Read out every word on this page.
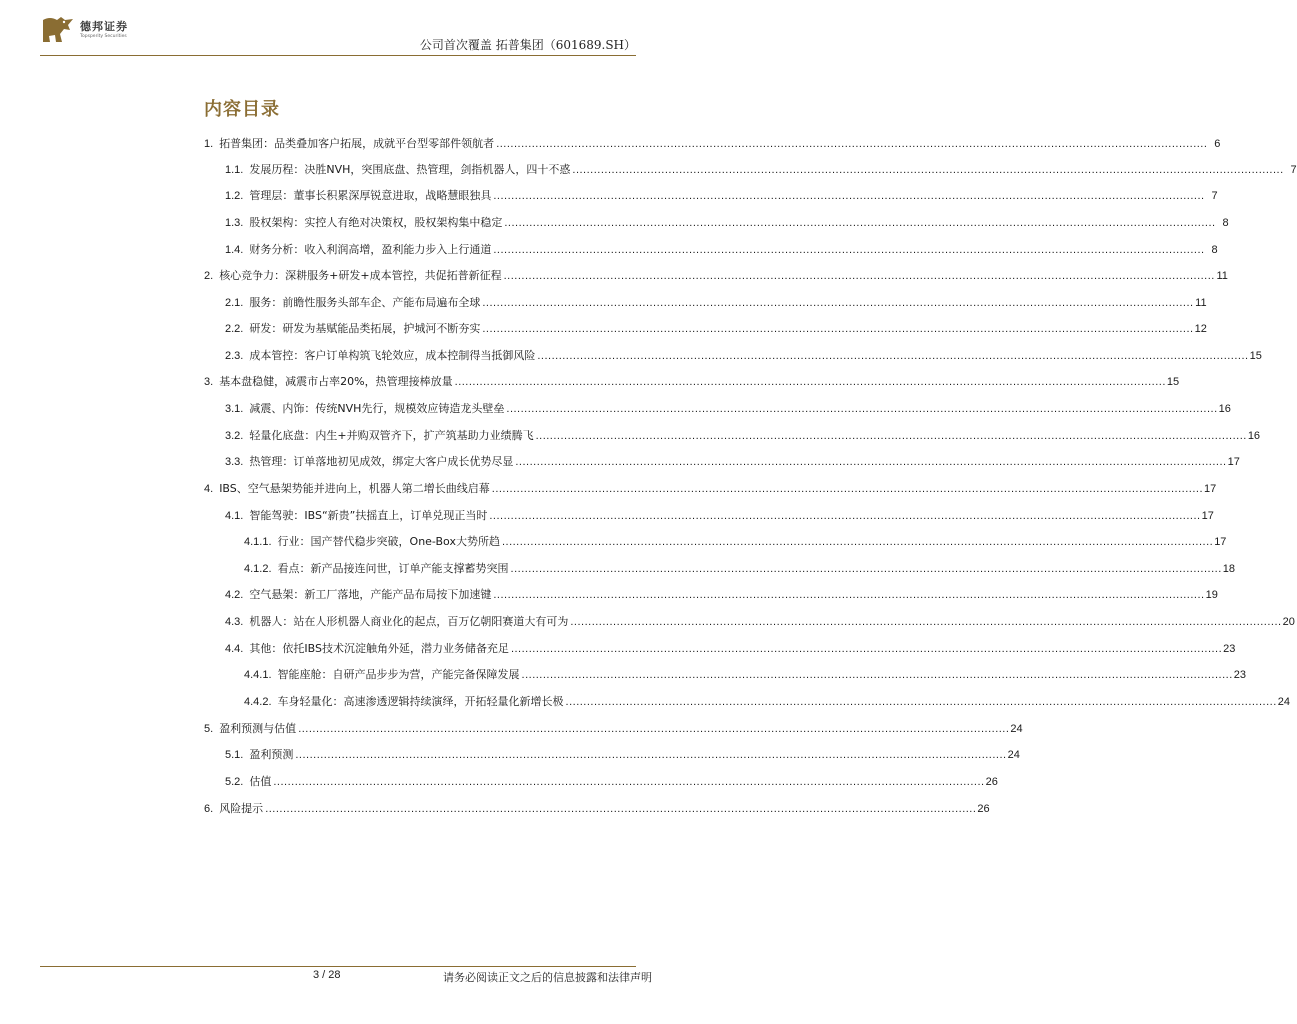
德邦证券
Topsperity Securities
公司首次覆盖 拓普集团（601689.SH）
内容目录
1. 拓普集团：品类叠加客户拓展，成就平台型零部件领航者 .....	6
1.1. 发展历程：决胜NVH，突围底盘、热管理，剑指机器人，四十不惑 .....	7
1.2. 管理层：董事长积累深厚锐意进取，战略慧眼独具 .....	7
1.3. 股权架构：实控人有绝对决策权，股权架构集中稳定 .....	8
1.4. 财务分析：收入利润高增，盈利能力步入上行通道 .....	8
2. 核心竞争力：深耕服务+研发+成本管控，共促拓普新征程 .....	11
2.1. 服务：前瞻性服务头部车企、产能布局遍布全球 .....	11
2.2. 研发：研发为基赋能品类拓展，护城河不断夯实 .....	12
2.3. 成本管控：客户订单构筑飞轮效应，成本控制得当抵御风险 .....	15
3. 基本盘稳健，减震市占率20%，热管理接棒放量 .....	15
3.1. 减震、内饰：传统NVH先行，规模效应铸造龙头壁垒 .....	16
3.2. 轻量化底盘：内生+并购双管齐下，扩产筑基助力业绩腾飞 .....	16
3.3. 热管理：订单落地初见成效，绑定大客户成长优势尽显 .....	17
4. IBS、空气悬架势能并进向上，机器人第二增长曲线启幕 .....	17
4.1. 智能驾驶：IBS“新贵”扶摇直上，订单兑现正当时 .....	17
4.1.1. 行业：国产替代稳步突破，One-Box大势所趋 .....	17
4.1.2. 看点：新产品接连问世，订单产能支撑蓄势突围 .....	18
4.2. 空气悬架：新工厂落地，产能产品布局按下加速键 .....	19
4.3. 机器人：站在人形机器人商业化的起点，百万亿朝阳赛道大有可为 .....	20
4.4. 其他：依托IBS技术沉淀触角外延，潜力业务储备充足 .....	23
4.4.1. 智能座舱：自研产品步步为营，产能完备保障发展 .....	23
4.4.2. 车身轻量化：高速渗透逻辑持续演绎，开拓轻量化新增长极 .....	24
5. 盈利预测与估值 .....	24
5.1. 盈利预测 .....	24
5.2. 估值 .....	26
6. 风险提示 .....	26
3 / 28	请务必阅读正文之后的信息披露和法律声明
